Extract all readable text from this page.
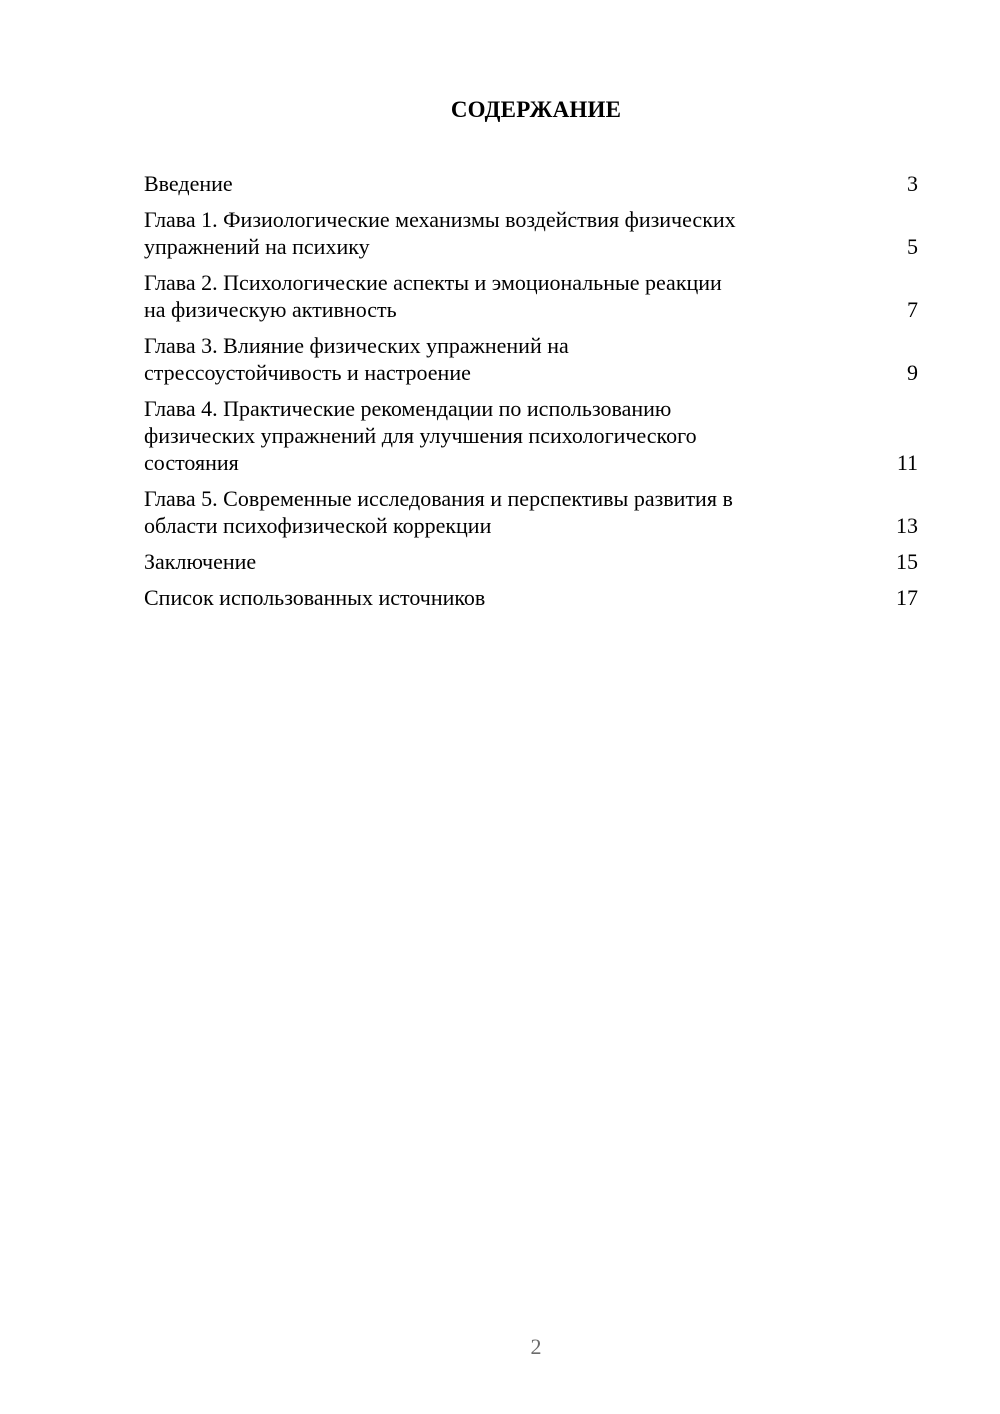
СОДЕРЖАНИЕ
Введение	3
Глава 1. Физиологические механизмы воздействия физических
упражнений на психику	5
Глава 2. Психологические аспекты и эмоциональные реакции
на физическую активность	7
Глава 3. Влияние физических упражнений на
стрессоустойчивость и настроение	9
Глава 4. Практические рекомендации по использованию
физических упражнений для улучшения психологического
состояния	11
Глава 5. Современные исследования и перспективы развития в
области психофизической коррекции	13
Заключение	15
Список использованных источников	17
2
